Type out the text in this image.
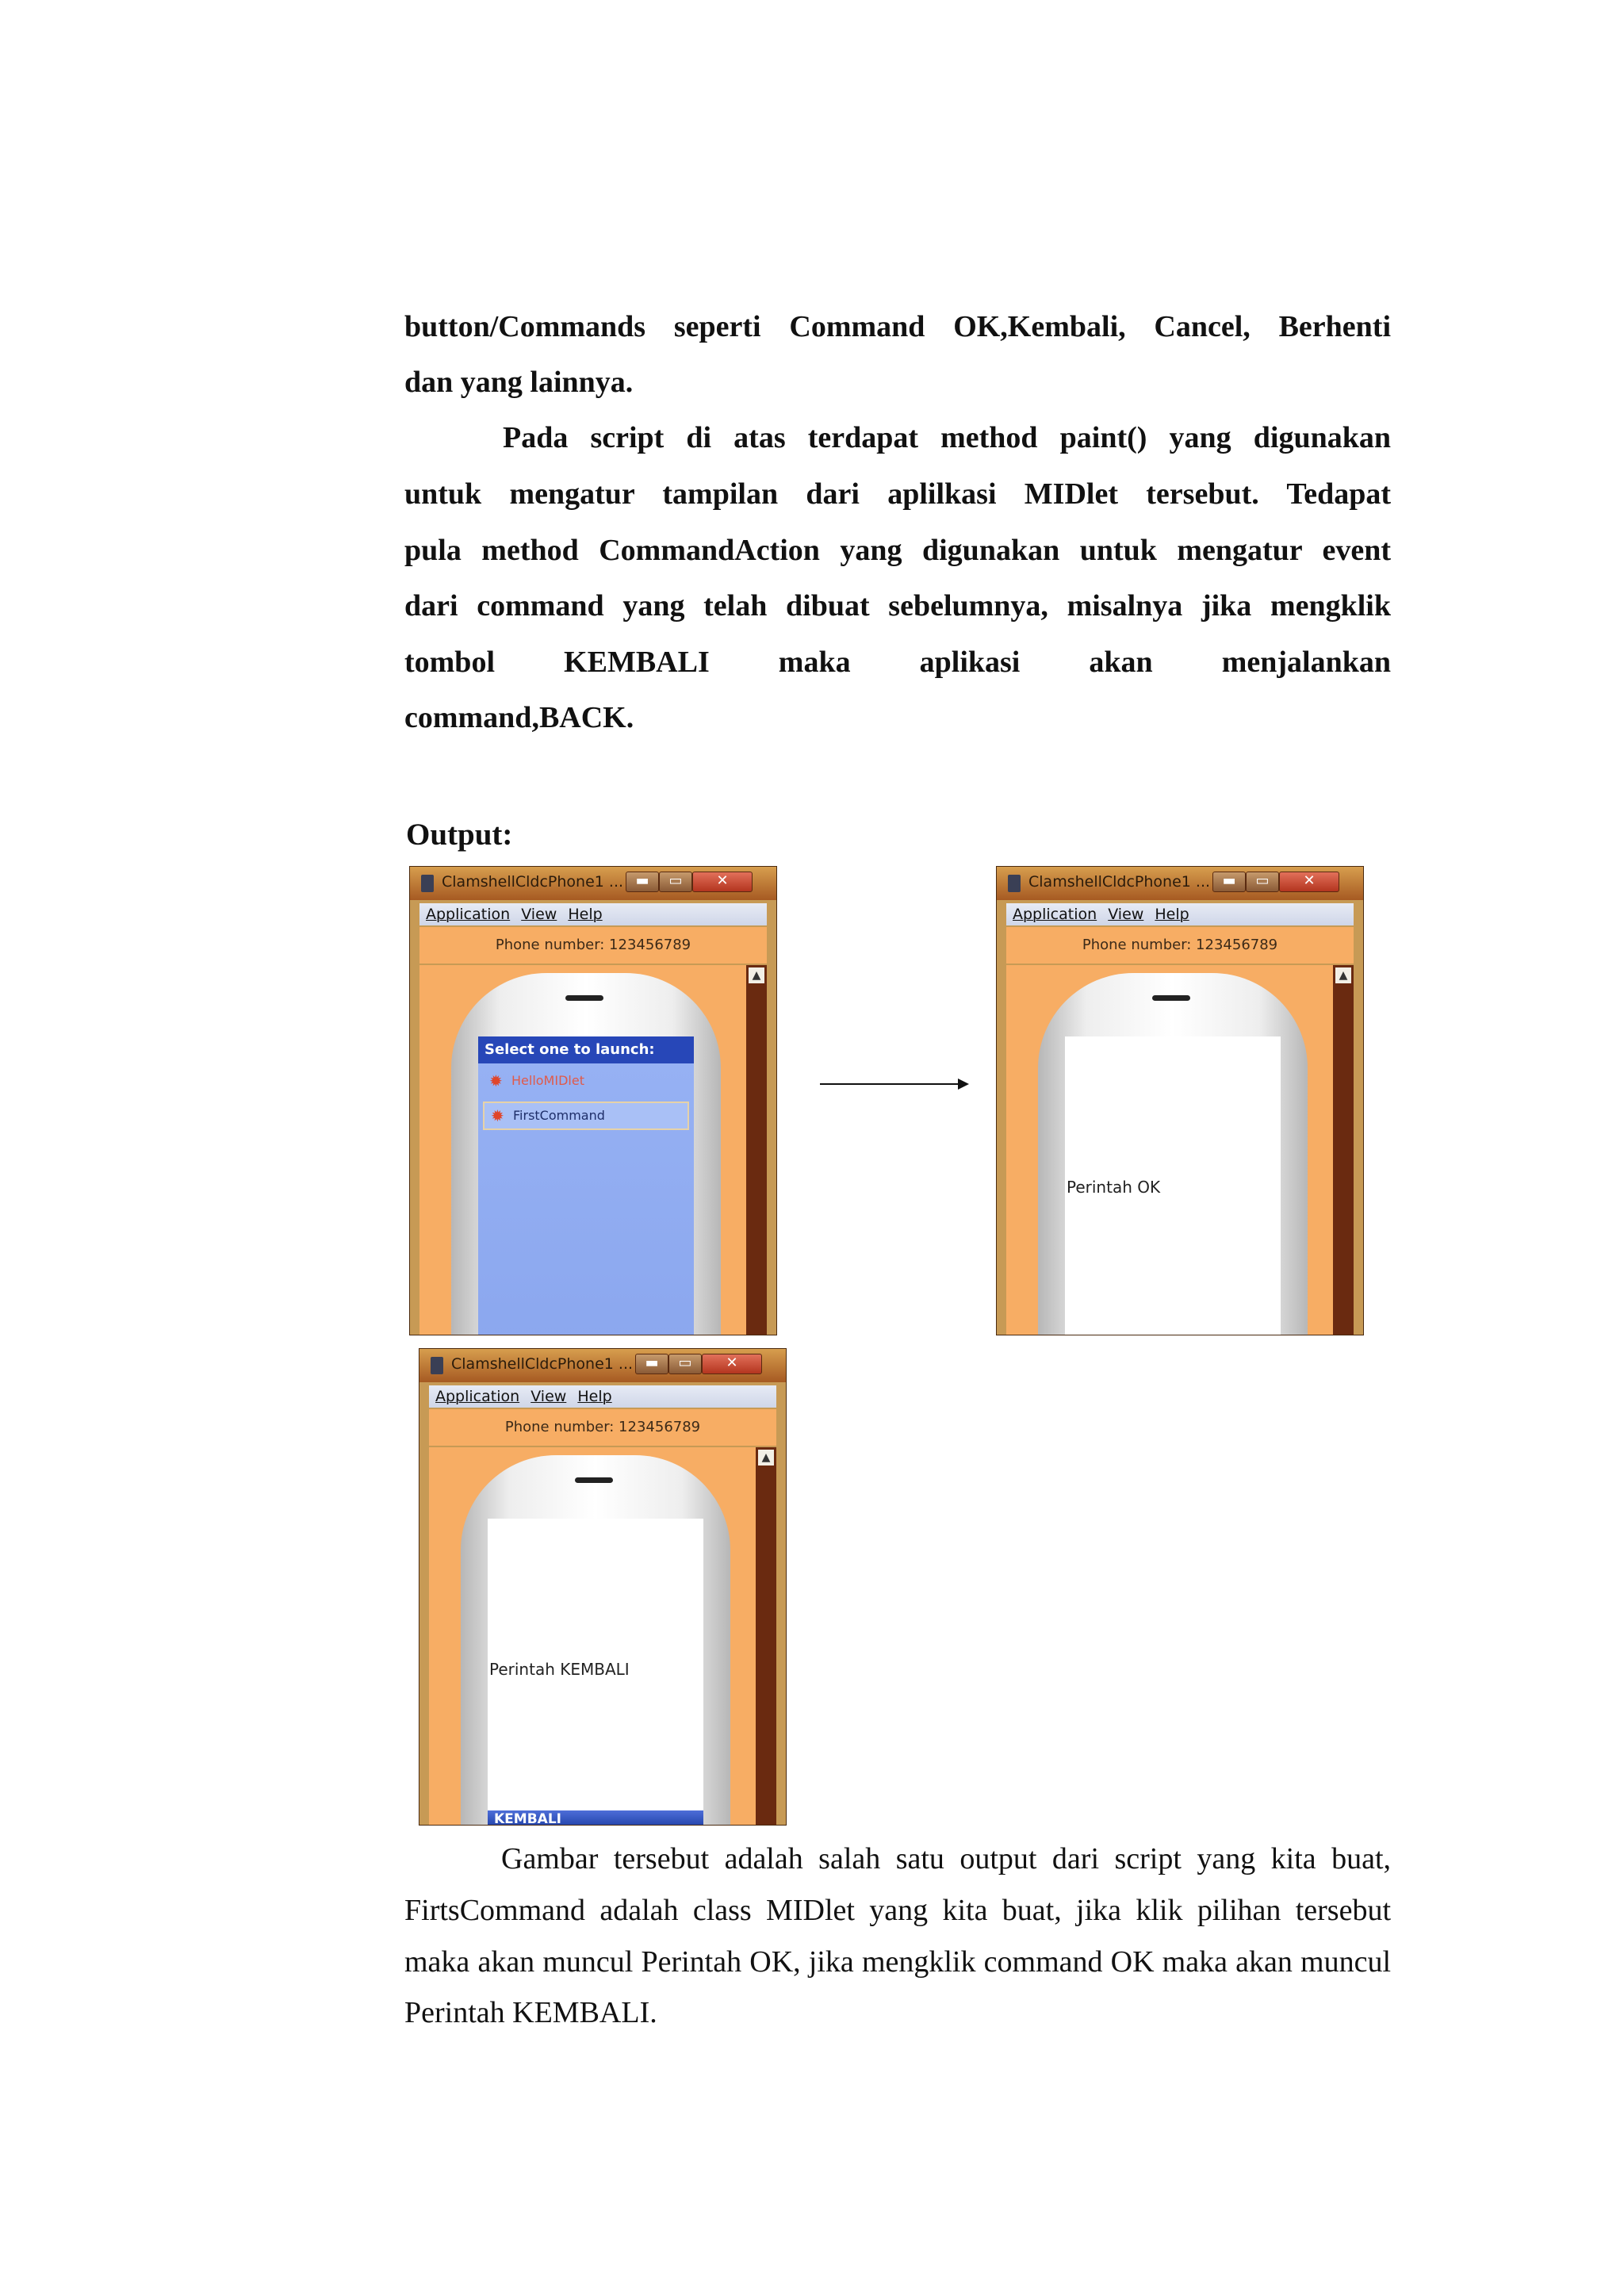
button/Commands seperti Command OK,Kembali, Cancel, Berhenti
dan yang lainnya.
Pada script di atas terdapat method paint() yang digunakan
untuk mengatur tampilan dari aplilkasi MIDlet tersebut. Tedapat
pula method CommandAction yang digunakan untuk mengatur event
dari command yang telah dibuat sebelumnya, misalnya jika mengklik
tombol KEMBALI maka aplikasi akan menjalankan
command,BACK.
Output:
ClamshellCldcPhone1 ... ▬	▭	✕
Application View Help
Phone number: 123456789
▲
Select one to launch:
✹ HelloMIDlet
✹ FirstCommand
ClamshellCldcPhone1 ... ▬	▭	✕
Application View Help
Phone number: 123456789
▲
Perintah OK
ClamshellCldcPhone1 ... ▬	▭	✕
Application View Help
Phone number: 123456789
▲
Perintah KEMBALI
KEMBALI
Gambar tersebut adalah salah satu output dari script yang kita buat,
FirtsCommand adalah class MIDlet yang kita buat, jika klik pilihan tersebut
maka akan muncul Perintah OK, jika mengklik command OK maka akan muncul
Perintah KEMBALI.
